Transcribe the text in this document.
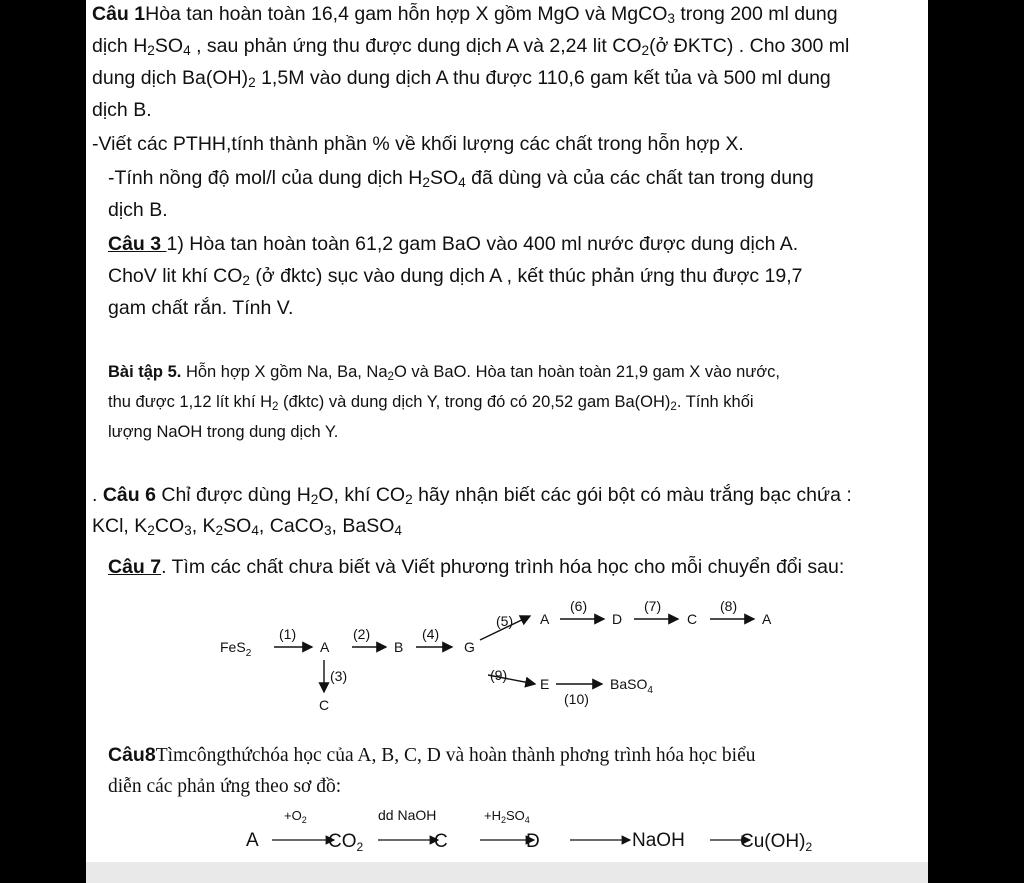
Câu 1Hòa tan hoàn toàn 16,4 gam hỗn hợp X gồm MgO và MgCO$_3$ trong 200 ml dung
dịch $H_2SO_4$ , sau phản ứng thu được dung dịch A và 2,24 lit $CO_2(ở$ ĐKTC) . Cho 300 ml
dung dịch $Ba(OH)_2$ 1,5M vào dung dịch A thu được 110,6 gam kết tủa và 500 ml dung
dịch B.
-Viết các PTHH,tính thành phần % về khối lượng các chất trong hỗn hợp X.
-Tính nồng độ mol/l của dung dịch $H_2SO_4$ đã dùng và của các chất tan trong dung
dịch B.
Câu 3 1) Hòa tan hoàn toàn 61,2 gam BaO vào 400 ml nước được dung dịch A.
ChoV lit khí $CO_2$ (ở đktc) sục vào dung dịch A , kết thúc phản ứng thu được 19,7
gam chất rắn. Tính V.
Bài tập 5. Hỗn hợp X gồm Na, Ba, $Na_2O$ và BaO. Hòa tan hoàn toàn 21,9 gam X vào nước,
thu được 1,12 lít khí $H_2$ (đktc) và dung dịch Y, trong đó có 20,52 gam $Ba(OH)_2$. Tính khối
lượng NaOH trong dung dịch Y.
. Câu 6 Chỉ được dùng $H_2O$, khí $CO_2$ hãy nhận biết các gói bột có màu trắng bạc chứa :
KCl, $K_2CO_3$, $K_2SO_4$, CaCO$_3$, BaSO$_4$
Câu 7. Tìm các chất chưa biết và Viết phương trình hóa học cho mỗi chuyển đổi sau:
FeS$_2$
(1)
A
(2)
B
(4)
G
(3)
C
(5) A
(6)
D
(7)
C
(8)
A
(9)
E
(10)
BaSO$_4$
Câu8Tìmcôngthứchóa học của A, B, C, D và hoàn thành phơng trình hóa học biểu
diễn các phản ứng theo sơ đồ:
A
$+O_2$
$CO_2$
dd NaOH
C
$+H_2SO_4$
D	NaOH	$Cu(OH)_2$
